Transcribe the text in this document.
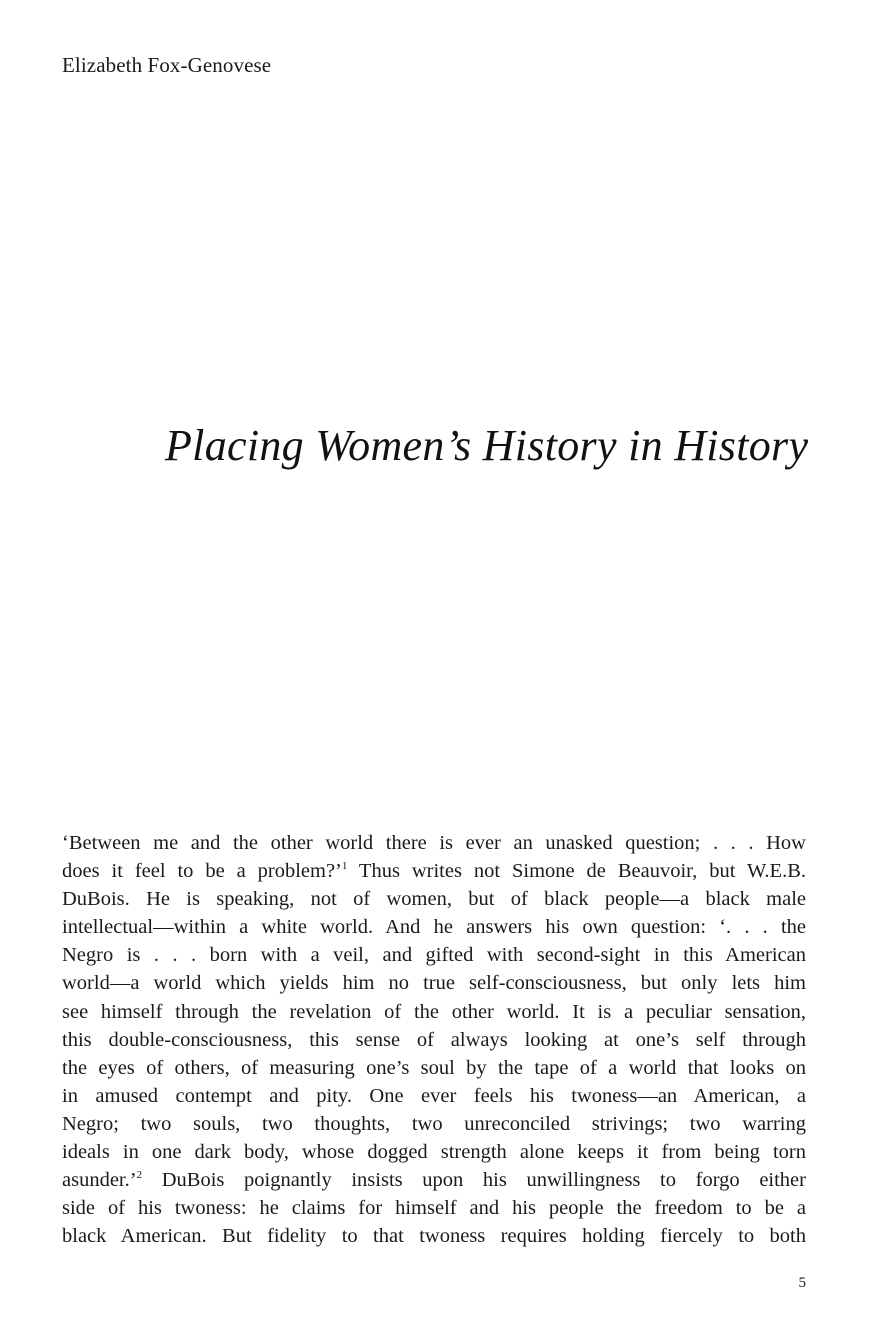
Elizabeth Fox-Genovese
Placing Women’s History in History
‘Between me and the other world there is ever an unasked question; . . . How
does it feel to be a problem?’$^1$ Thus writes not Simone de Beauvoir, but W.E.B.
DuBois. He is speaking, not of women, but of black people—a black male
intellectual—within a white world. And he answers his own question: ‘. . . the
Negro is . . . born with a veil, and gifted with second-sight in this American
world—a world which yields him no true self-consciousness, but only lets him
see himself through the revelation of the other world. It is a peculiar sensation,
this double-consciousness, this sense of always looking at one’s self through
the eyes of others, of measuring one’s soul by the tape of a world that looks on
in amused contempt and pity. One ever feels his twoness—an American, a
Negro; two souls, two thoughts, two unreconciled strivings; two warring
ideals in one dark body, whose dogged strength alone keeps it from being torn
asunder.’$^2$ DuBois poignantly insists upon his unwillingness to forgo either
side of his twoness: he claims for himself and his people the freedom to be a
black American. But fidelity to that twoness requires holding fiercely to both
5
